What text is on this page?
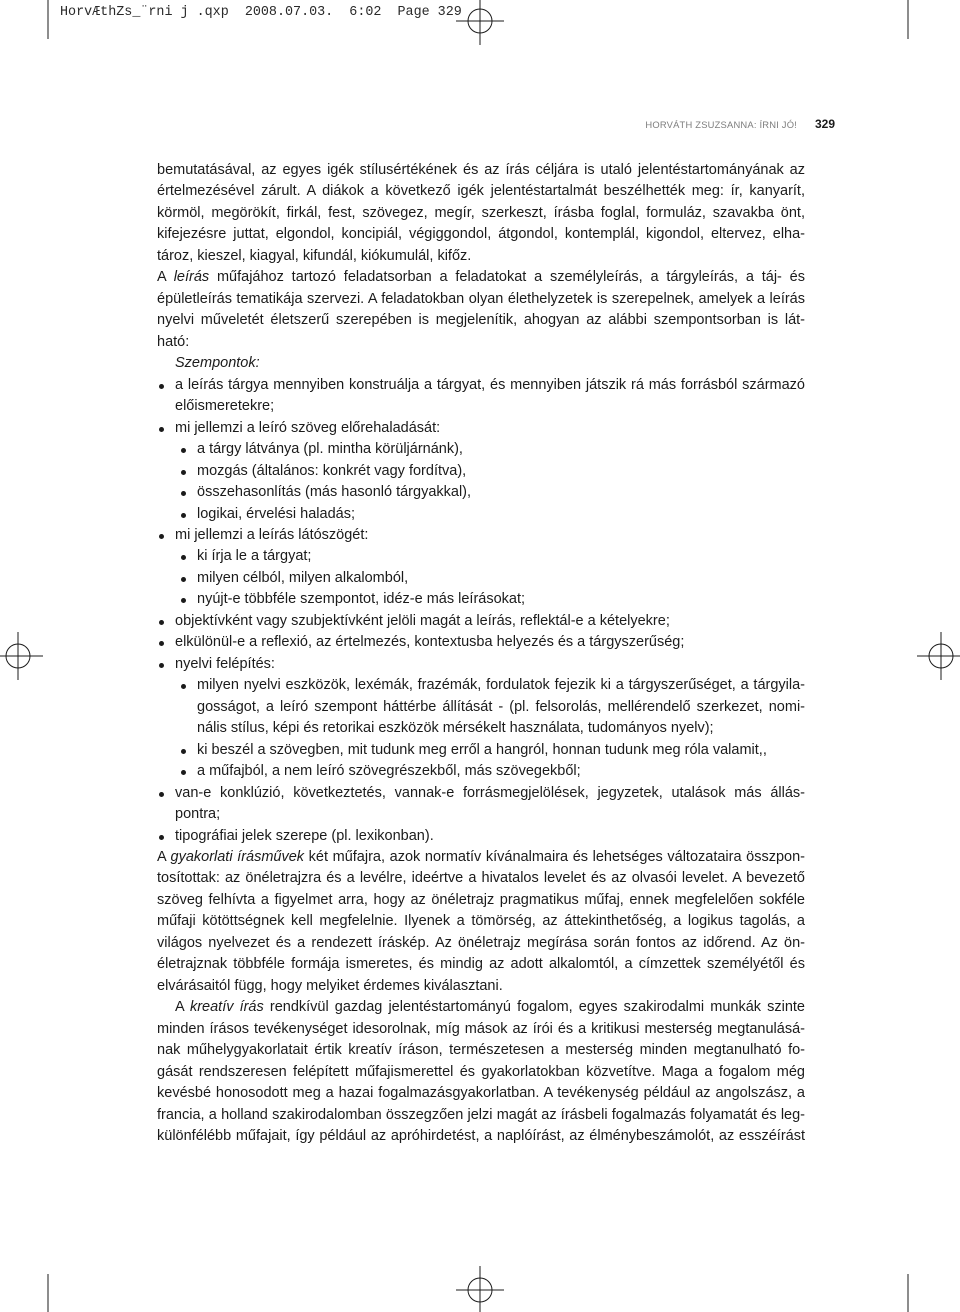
HorvÆthZs_¨rni j .qxp  2008.07.03.  6:02  Page 329
HORVÁTH ZSUZSANNA: ÍRNI JÓ! 329
bemutatásával, az egyes igék stílusértékének és az írás céljára is utaló jelentéstartományának az
értelmezésével zárult. A diákok a következő igék jelentéstartalmát beszélhették meg: ír, kanyarít,
körmöl, megörökít, firkál, fest, szövegez, megír, szerkeszt, írásba foglal, formuláz, szavakba önt,
kifejezésre juttat, elgondol, koncipiál, végiggondol, átgondol, kontemplál, kigondol, eltervez, elha-
tároz, kieszel, kiagyal, kifundál, kiókumulál, kifőz.
A leírás műfajához tartozó feladatsorban a feladatokat a személyleírás, a tárgyleírás, a táj- és
épületleírás tematikája szervezi. A feladatokban olyan élethelyzetek is szerepelnek, amelyek a leírás
nyelvi műveletét életszerű szerepében is megjelenítik, ahogyan az alábbi szempontsorban is lát-
ható:
Szempontok:
a leírás tárgya mennyiben konstruálja a tárgyat, és mennyiben játszik rá más forrásból származó
előismeretekre;
mi jellemzi a leíró szöveg előrehaladását:
a tárgy látványa (pl. mintha körüljárnánk),
mozgás (általános: konkrét vagy fordítva),
összehasonlítás (más hasonló tárgyakkal),
logikai, érvelési haladás;
mi jellemzi a leírás látószögét:
ki írja le a tárgyat;
milyen célból, milyen alkalomból,
nyújt-e többféle szempontot, idéz-e más leírásokat;
objektívként vagy szubjektívként jelöli magát a leírás, reflektál-e a kételyekre;
elkülönül-e a reflexió, az értelmezés, kontextusba helyezés és a tárgyszerűség;
nyelvi felépítés:
milyen nyelvi eszközök, lexémák, frazémák, fordulatok fejezik ki a tárgyszerűséget, a tárgyila-
gosságot, a leíró szempont háttérbe állítását - (pl. felsorolás, mellérendelő szerkezet, nomi-
nális stílus, képi és retorikai eszközök mérsékelt használata, tudományos nyelv);
ki beszél a szövegben, mit tudunk meg erről a hangról, honnan tudunk meg róla valamit,,
a műfajból, a nem leíró szövegrészekből, más szövegekből;
van-e konklúzió, következtetés, vannak-e forrásmegjelölések, jegyzetek, utalások más állás-
pontra;
tipográfiai jelek szerepe (pl. lexikonban).
A gyakorlati írásművek két műfajra, azok normatív kívánalmaira és lehetséges változataira összpon-
tosítottak: az önéletrajzra és a levélre, ideértve a hivatalos levelet és az olvasói levelet. A bevezető
szöveg felhívta a figyelmet arra, hogy az önéletrajz pragmatikus műfaj, ennek megfelelően sokféle
műfaji kötöttségnek kell megfelelnie. Ilyenek a tömörség, az áttekinthetőség, a logikus tagolás, a
világos nyelvezet és a rendezett íráskép. Az önéletrajz megírása során fontos az időrend. Az ön-
életrajznak többféle formája ismeretes, és mindig az adott alkalomtól, a címzettek személyétől és
elvárásaitól függ, hogy melyiket érdemes kiválasztani.
A kreatív írás rendkívül gazdag jelentéstartományú fogalom, egyes szakirodalmi munkák szinte
minden írásos tevékenységet idesorolnak, míg mások az írói és a kritikusi mesterség megtanulásá-
nak műhelygyakorlatait értik kreatív íráson, természetesen a mesterség minden megtanulható fo-
gását rendszeresen felépített műfajismerettel és gyakorlatokban közvetítve. Maga a fogalom még
kevésbé honosodott meg a hazai fogalmazásgyakorlatban. A tevékenység például az angolszász, a
francia, a holland szakirodalomban összegzően jelzi magát az írásbeli fogalmazás folyamatát és leg-
különfélébb műfajait, így például az apróhirdetést, a naplóírást, az élménybeszámolót, az esszéírást
